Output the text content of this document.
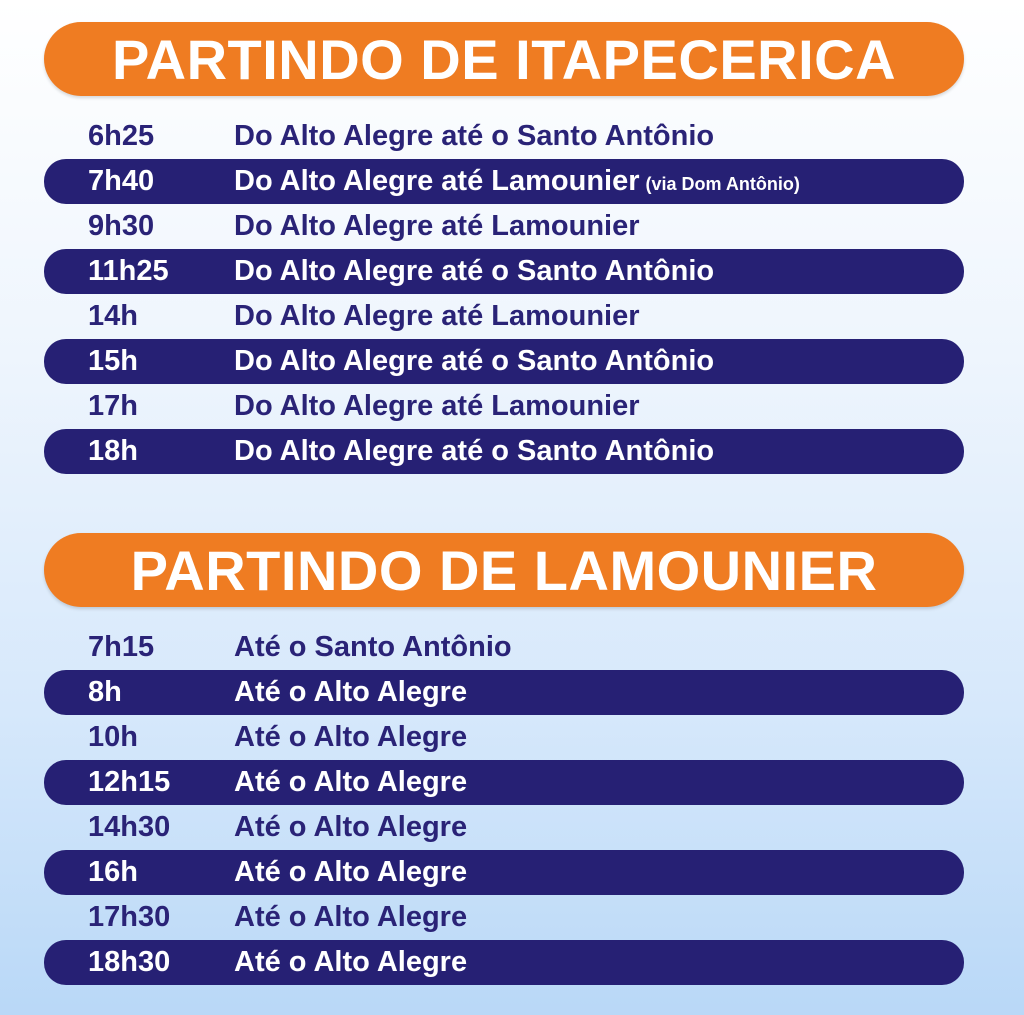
PARTINDO DE ITAPECERICA
6h25	Do Alto Alegre até o Santo Antônio
7h40	Do Alto Alegre até Lamounier (via Dom Antônio)
9h30	Do Alto Alegre até Lamounier
11h25 Do Alto Alegre até o Santo Antônio
14h	Do Alto Alegre até Lamounier
15h	Do Alto Alegre até o Santo Antônio
17h	Do Alto Alegre até Lamounier
18h	Do Alto Alegre até o Santo Antônio
PARTINDO DE LAMOUNIER
7h15	Até o Santo Antônio
8h	Até o Alto Alegre
10h	Até o Alto Alegre
12h15 Até o Alto Alegre
14h30 Até o Alto Alegre
16h	Até o Alto Alegre
17h30 Até o Alto Alegre
18h30 Até o Alto Alegre
